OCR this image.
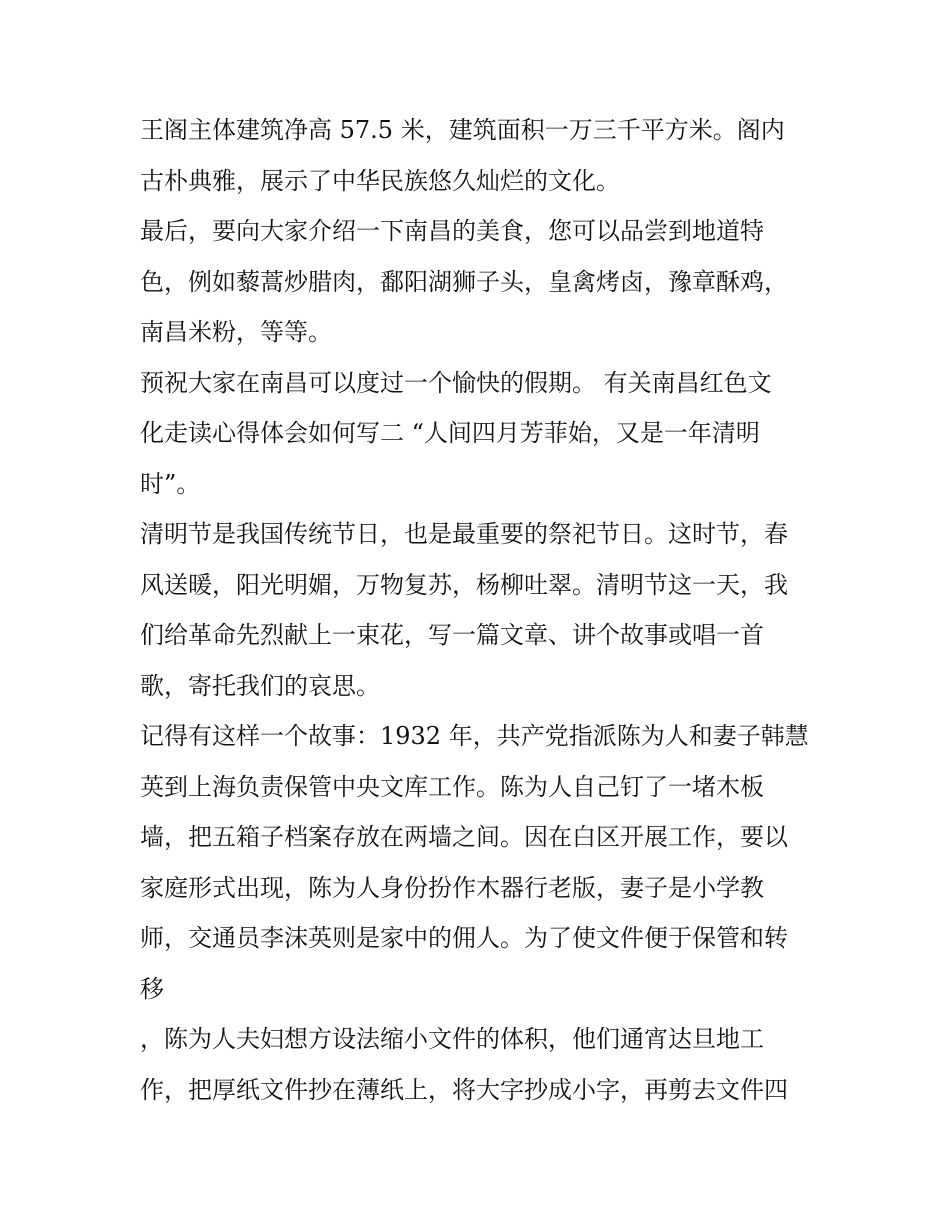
王阁主体建筑净高 57.5 米，建筑面积一万三千平方米。阁内
古朴典雅，展示了中华民族悠久灿烂的文化。
最后，要向大家介绍一下南昌的美食，您可以品尝到地道特
色，例如藜蒿炒腊肉，鄱阳湖狮子头，皇禽烤卤，豫章酥鸡，
南昌米粉，等等。
预祝大家在南昌可以度过一个愉快的假期。 有关南昌红色文
化走读心得体会如何写二 “人间四月芳菲始，又是一年清明
时”。
清明节是我国传统节日，也是最重要的祭祀节日。这时节，春
风送暖，阳光明媚，万物复苏，杨柳吐翠。清明节这一天，我
们给革命先烈献上一束花，写一篇文章、讲个故事或唱一首
歌，寄托我们的哀思。
记得有这样一个故事：1932 年，共产党指派陈为人和妻子韩慧
英到上海负责保管中央文库工作。陈为人自己钉了一堵木板
墙，把五箱子档案存放在两墙之间。因在白区开展工作，要以
家庭形式出现，陈为人身份扮作木器行老版，妻子是小学教
师，交通员李沫英则是家中的佣人。为了使文件便于保管和转
移
，陈为人夫妇想方设法缩小文件的体积，他们通宵达旦地工
作，把厚纸文件抄在薄纸上，将大字抄成小字，再剪去文件四
